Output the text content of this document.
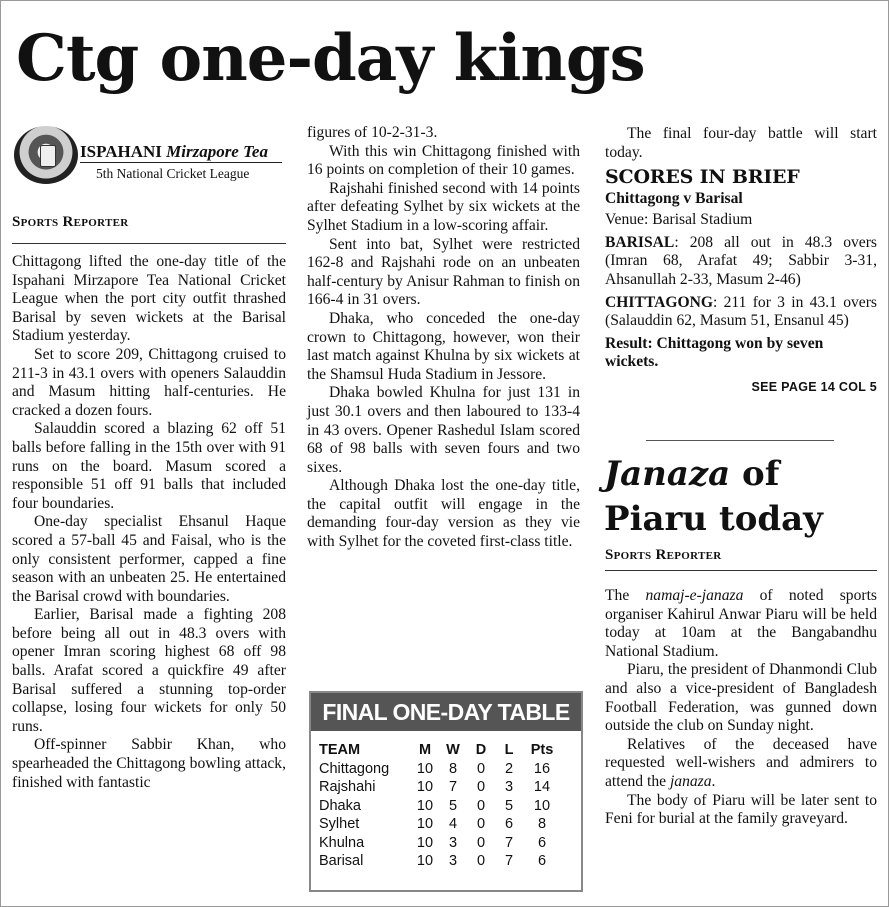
Ctg one-day kings
ISPAHANI Mirzapore Tea
5th National Cricket League
Sports Reporter

Chittagong lifted the one-day title of the Ispahani Mirzapore Tea National Cricket League when the port city outfit thrashed Barisal by seven wickets at the Barisal Stadium yesterday.

Set to score 209, Chittagong cruised to 211-3 in 43.1 overs with openers Salauddin and Masum hitting half-centuries. He cracked a dozen fours.

Salauddin scored a blazing 62 off 51 balls before falling in the 15th over with 91 runs on the board. Masum scored a responsible 51 off 91 balls that included four boundaries.

One-day specialist Ehsanul Haque scored a 57-ball 45 and Faisal, who is the only consistent performer, capped a fine season with an unbeaten 25. He entertained the Barisal crowd with boundaries.

Earlier, Barisal made a fighting 208 before being all out in 48.3 overs with opener Imran scoring highest 68 off 98 balls. Arafat scored a quickfire 49 after Barisal suffered a stunning top-order collapse, losing four wickets for only 50 runs.

Off-spinner Sabbir Khan, who spearheaded the Chittagong bowling attack, finished with fantastic

figures of 10-2-31-3.

With this win Chittagong finished with 16 points on completion of their 10 games.

Rajshahi finished second with 14 points after defeating Sylhet by six wickets at the Sylhet Stadium in a low-scoring affair.

Sent into bat, Sylhet were restricted 162-8 and Rajshahi rode on an unbeaten half-century by Anisur Rahman to finish on 166-4 in 31 overs.

Dhaka, who conceded the one-day crown to Chittagong, however, won their last match against Khulna by six wickets at the Shamsul Huda Stadium in Jessore.

Dhaka bowled Khulna for just 131 in just 30.1 overs and then laboured to 133-4 in 43 overs. Opener Rashedul Islam scored 68 of 98 balls with seven fours and two sixes.

Although Dhaka lost the one-day title, the capital outfit will engage in the demanding four-day version as they vie with Sylhet for the coveted first-class title.

FINAL ONE-DAY TABLE
TEAM	M	W	D	L	Pts
Chittagong	10	8	0	2	16
Rajshahi	10	7	0	3	14
Dhaka	10	5	0	5	10
Sylhet	10	4	0	6	8
Khulna	10	3	0	7	6
Barisal	10	3	0	7	6

The final four-day battle will start today.

SCORES IN BRIEF
Chittagong v Barisal

Venue: Barisal Stadium

BARISAL: 208 all out in 48.3 overs (Imran 68, Arafat 49; Sabbir 3-31, Ahsanullah 2-33, Masum 2-46)

CHITTAGONG: 211 for 3 in 43.1 overs (Salauddin 62, Masum 51, Ensanul 45)

Result: Chittagong won by seven wickets.

SEE PAGE 14 COL 5
Janaza of
Piaru today
Sports Reporter

The namaj-e-janaza of noted sports organiser Kahirul Anwar Piaru will be held today at 10am at the Bangabandhu National Stadium.

Piaru, the president of Dhanmondi Club and also a vice-president of Bangladesh Football Federation, was gunned down outside the club on Sunday night.

Relatives of the deceased have requested well-wishers and admirers to attend the janaza.

The body of Piaru will be later sent to Feni for burial at the family graveyard.
